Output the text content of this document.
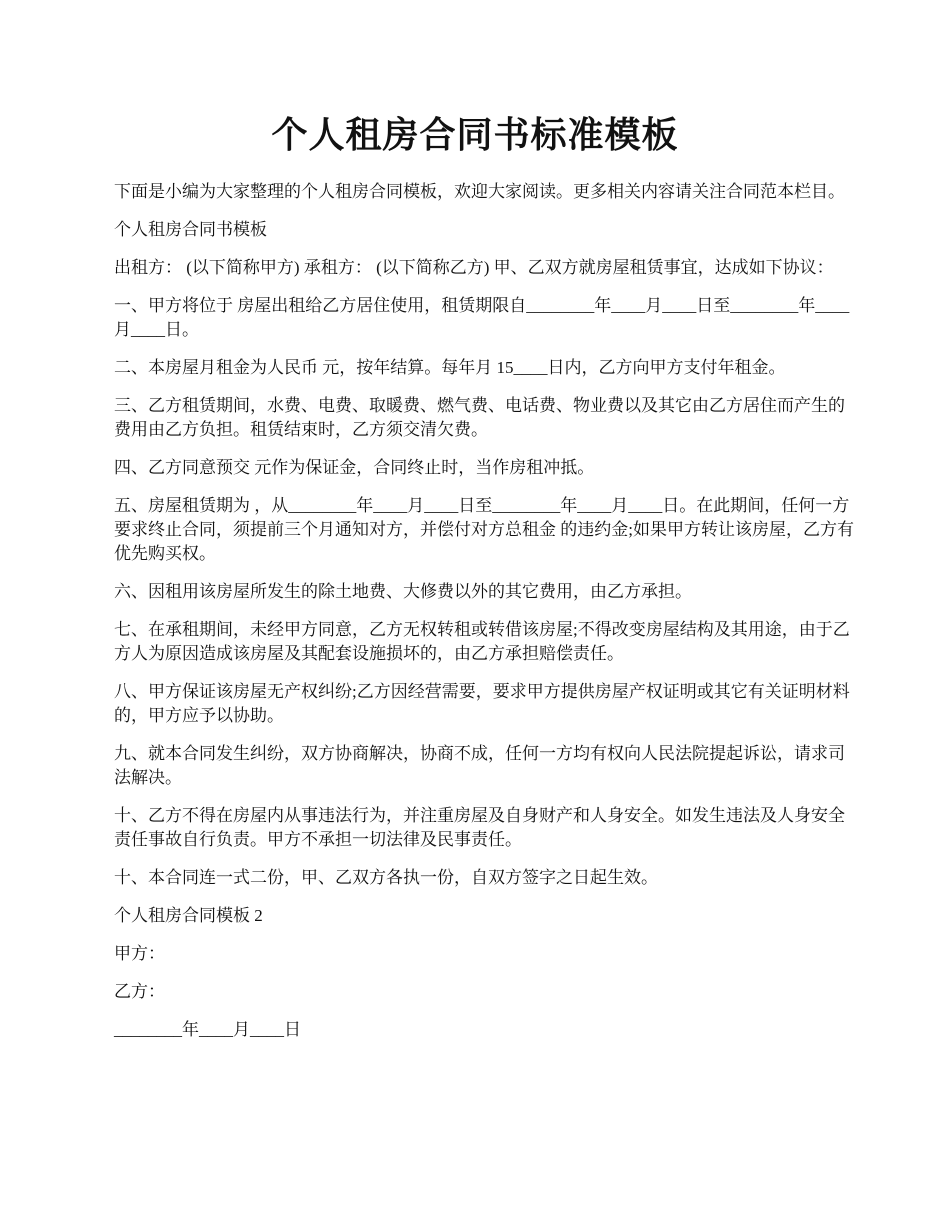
个人租房合同书标准模板

下面是小编为大家整理的个人租房合同模板，欢迎大家阅读。更多相关内容请关注合同范本栏目。

个人租房合同书模板

出租方： (以下简称甲方) 承租方： (以下简称乙方) 甲、乙双方就房屋租赁事宜，达成如下协议：

一、甲方将位于 房屋出租给乙方居住使用，租赁期限自________年____月____日至________年____月____日。

二、本房屋月租金为人民币 元，按年结算。每年月 15____日内，乙方向甲方支付年租金。

三、乙方租赁期间，水费、电费、取暖费、燃气费、电话费、物业费以及其它由乙方居住而产生的费用由乙方负担。租赁结束时，乙方须交清欠费。

四、乙方同意预交 元作为保证金，合同终止时，当作房租冲抵。

五、房屋租赁期为 ，从________年____月____日至________年____月____日。在此期间，任何一方要求终止合同，须提前三个月通知对方，并偿付对方总租金 的违约金;如果甲方转让该房屋，乙方有优先购买权。

六、因租用该房屋所发生的除土地费、大修费以外的其它费用，由乙方承担。

七、在承租期间，未经甲方同意，乙方无权转租或转借该房屋;不得改变房屋结构及其用途，由于乙方人为原因造成该房屋及其配套设施损坏的，由乙方承担赔偿责任。

八、甲方保证该房屋无产权纠纷;乙方因经营需要，要求甲方提供房屋产权证明或其它有关证明材料的，甲方应予以协助。

九、就本合同发生纠纷，双方协商解决，协商不成，任何一方均有权向人民法院提起诉讼，请求司法解决。

十、乙方不得在房屋内从事违法行为，并注重房屋及自身财产和人身安全。如发生违法及人身安全责任事故自行负责。甲方不承担一切法律及民事责任。

十、本合同连一式二份，甲、乙双方各执一份，自双方签字之日起生效。

个人租房合同模板 2

甲方：

乙方：

________年____月____日
